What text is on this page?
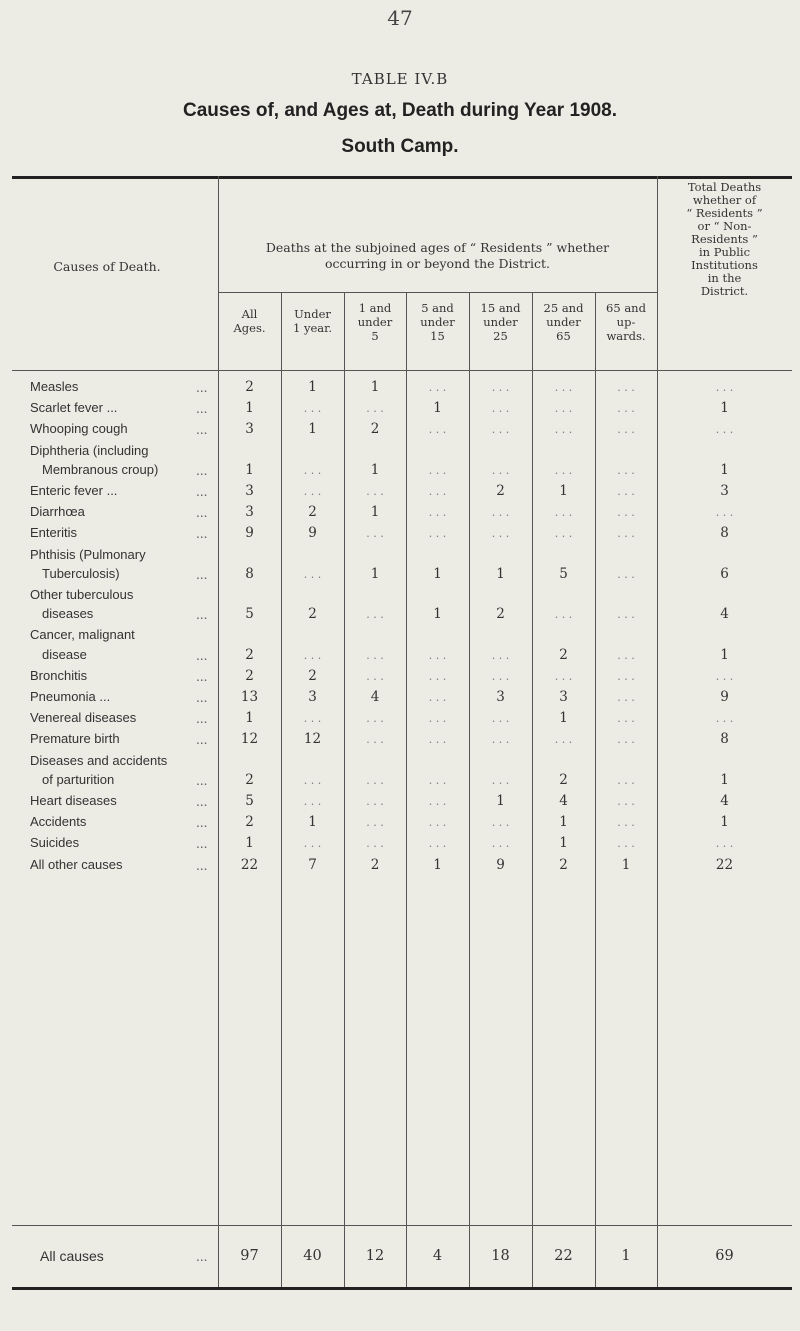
47
TABLE IV.B
Causes of, and Ages at, Death during Year 1908.
South Camp.
Causes of Death.
Deaths at the subjoined ages of “ Residents ” whether
occurring in or beyond the District.
Total Deaths
whether of
“ Residents ”
or “ Non-
Residents ”
in Public
Institutions
in the
District.
All
Ages.
Under
1 year.
1 and
under
5
5 and
under
15
15 and
under
25
25 and
under
65
65 and
up-
wards.
Measles	...	2	1	1	. . .	. . .	. . .	. . .	. . .
Scarlet fever ...	...	1	. . .	. . .	1	. . .	. . .	. . .	1
Whooping cough	...	3	1	2	. . .	. . .	. . .	. . .	. . .
Diphtheria (including
Membranous croup)	...	1	. . .	1	. . .	. . .	. . .	. . .	1
Enteric fever ...	...	3	. . .	. . .	. . .	2	1	. . .	3
Diarrhœa	...	3	2	1	. . .	. . .	. . .	. . .	. . .
Enteritis	...	9	9	. . .	. . .	. . .	. . .	. . .	8
Phthisis (Pulmonary
Tuberculosis)	...	8	. . .	1	1	1	5	. . .	6
Other tuberculous
diseases	...	5	2	. . .	1	2	. . .	. . .	4
Cancer, malignant
disease	...	2	. . .	. . .	. . .	. . .	2	. . .	1
Bronchitis	...	2	2	. . .	. . .	. . .	. . .	. . .	. . .
Pneumonia ...	...	13	3	4	. . .	3	3	. . .	9
Venereal diseases	...	1	. . .	. . .	. . .	. . .	1	. . .	. . .
Premature birth	...	12	12	. . .	. . .	. . .	. . .	. . .	8
Diseases and accidents
of parturition	...	2	. . .	. . .	. . .	. . .	2	. . .	1
Heart diseases	...	5	. . .	. . .	. . .	1	4	. . .	4
Accidents	...	2	1	. . .	. . .	. . .	1	. . .	1
Suicides	...	1	. . .	. . .	. . .	. . .	1	. . .	. . .
All other causes	...	22	7	2	1	9	2	1	22
All causes	...	97	40	12	4	18	22	1	69
